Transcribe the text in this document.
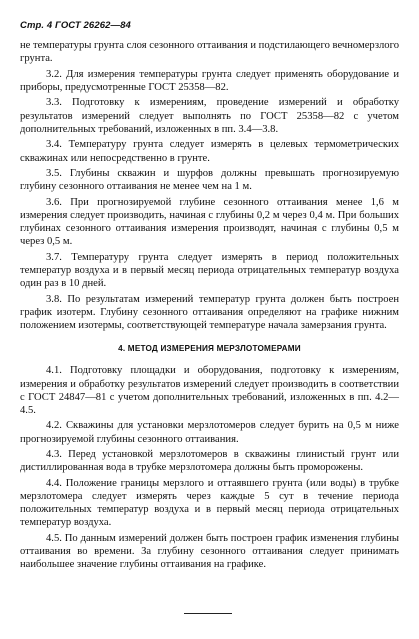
Стр. 4 ГОСТ 26262—84
не температуры грунта слоя сезонного оттаивания и подстилающего вечномерзлого грунта.
3.2. Для измерения температуры грунта следует применять оборудование и приборы, предусмотренные ГОСТ 25358—82.
3.3. Подготовку к измерениям, проведение измерений и обработку результатов измерений следует выполнять по ГОСТ 25358—82 с учетом дополнительных требований, изложенных в пп. 3.4—3.8.
3.4. Температуру грунта следует измерять в целевых термометрических скважинах или непосредственно в грунте.
3.5. Глубины скважин и шурфов должны превышать прогнозируемую глубину сезонного оттаивания не менее чем на 1 м.
3.6. При прогнозируемой глубине сезонного оттаивания менее 1,6 м измерения следует производить, начиная с глубины 0,2 м через 0,4 м. При больших глубинах сезонного оттаивания измерения производят, начиная с глубины 0,5 м через 0,5 м.
3.7. Температуру грунта следует измерять в период положительных температур воздуха и в первый месяц периода отрицательных температур воздуха один раз в 10 дней.
3.8. По результатам измерений температур грунта должен быть построен график изотерм. Глубину сезонного оттаивания определяют на графике нижним положением изотермы, соответствующей температуре начала замерзания грунта.
4. МЕТОД ИЗМЕРЕНИЯ МЕРЗЛОТОМЕРАМИ
4.1. Подготовку площадки и оборудования, подготовку к измерениям, измерения и обработку результатов измерений следует производить в соответствии с ГОСТ 24847—81 с учетом дополнительных требований, изложенных в пп. 4.2—4.5.
4.2. Скважины для установки мерзлотомеров следует бурить на 0,5 м ниже прогнозируемой глубины сезонного оттаивания.
4.3. Перед установкой мерзлотомеров в скважины глинистый грунт или дистиллированная вода в трубке мерзлотомера должны быть проморожены.
4.4. Положение границы мерзлого и оттаявшего грунта (или воды) в трубке мерзлотомера следует измерять через каждые 5 сут в течение периода положительных температур воздуха и в первый месяц периода отрицательных температур воздуха.
4.5. По данным измерений должен быть построен график изменения глубины оттаивания во времени. За глубину сезонного оттаивания следует принимать наибольшее значение глубины оттаивания на графике.
